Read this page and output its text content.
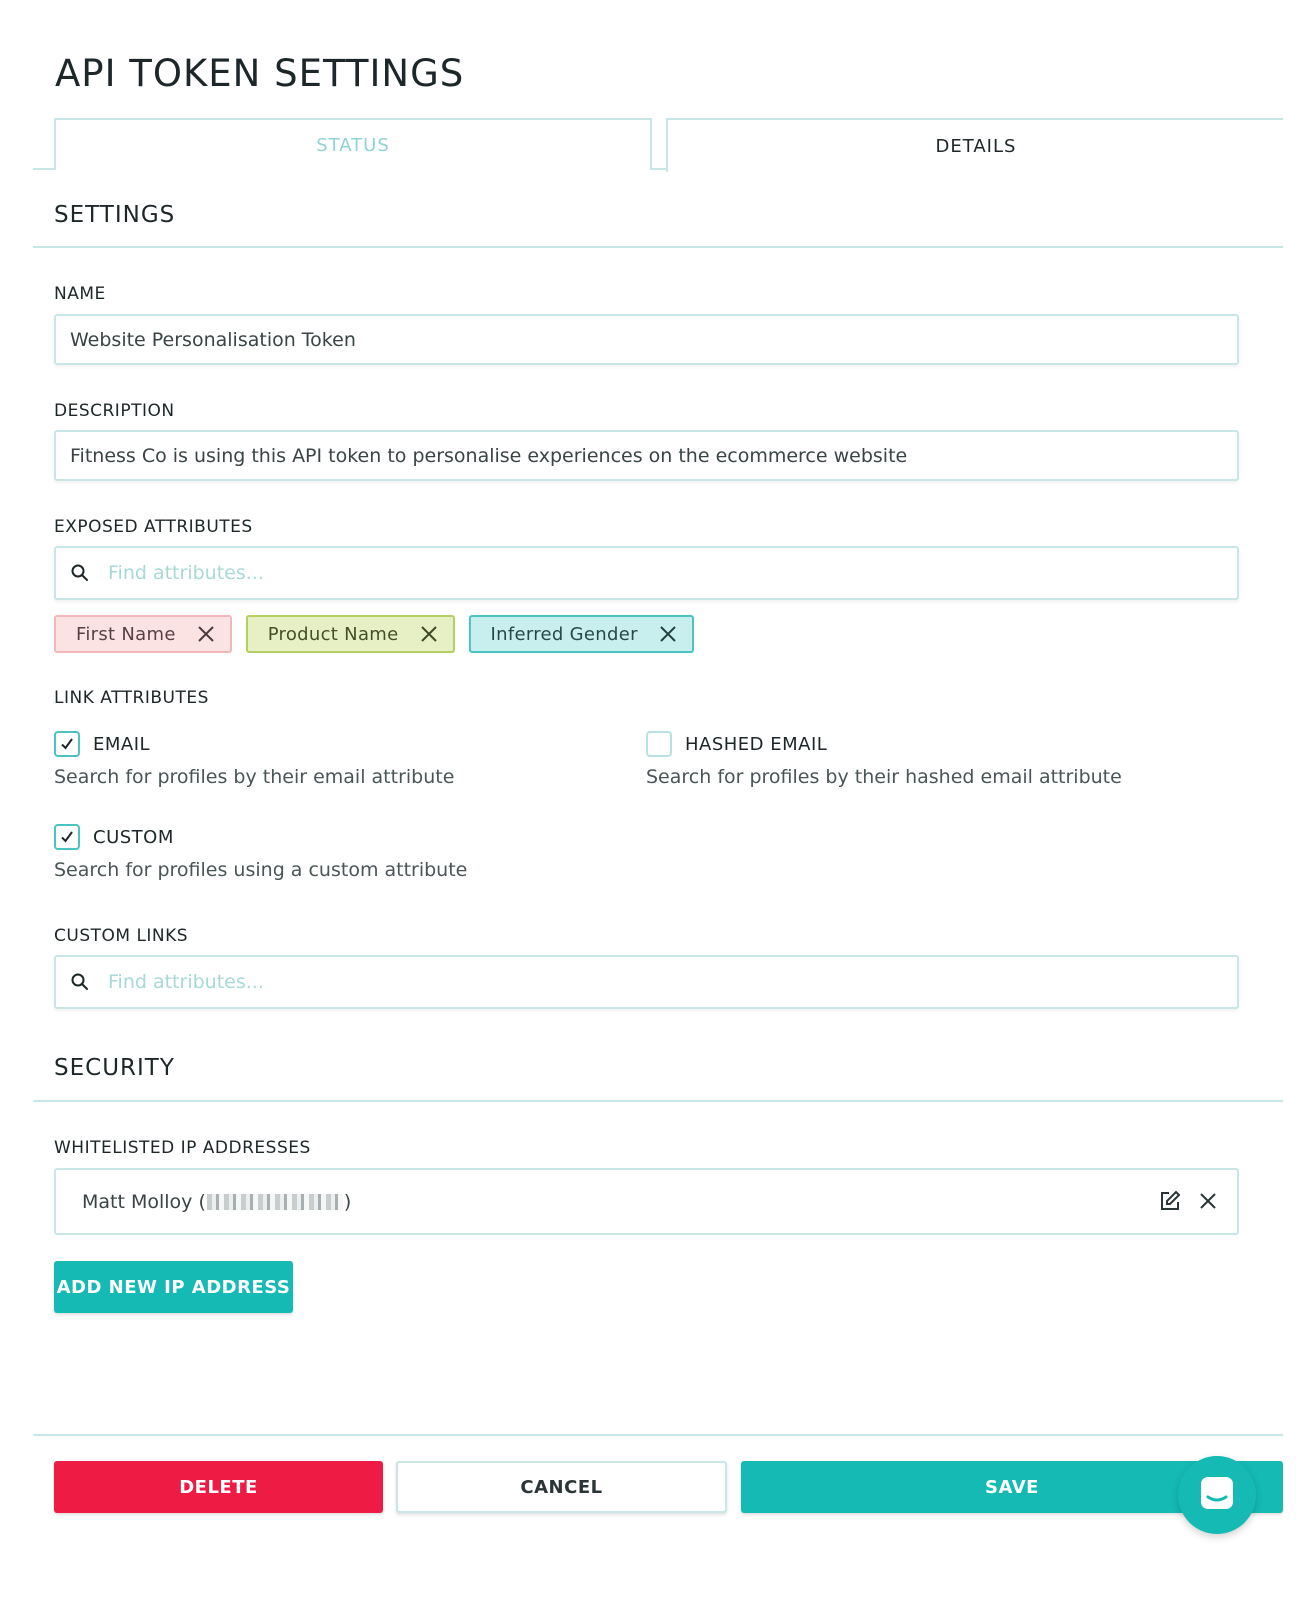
API TOKEN SETTINGS
STATUS	DETAILS
SETTINGS
NAME
Website Personalisation Token
DESCRIPTION
Fitness Co is using this API token to personalise experiences on the ecommerce website
EXPOSED ATTRIBUTES
Find attributes...
First Name	Product Name	Inferred Gender
LINK ATTRIBUTES
EMAIL
Search for profiles by their email attribute
HASHED EMAIL
Search for profiles by their hashed email attribute
CUSTOM
Search for profiles using a custom attribute
CUSTOM LINKS
Find attributes...
SECURITY
WHITELISTED IP ADDRESSES
Matt Molloy (	)
ADD NEW IP ADDRESS
DELETE	CANCEL	SAVE
